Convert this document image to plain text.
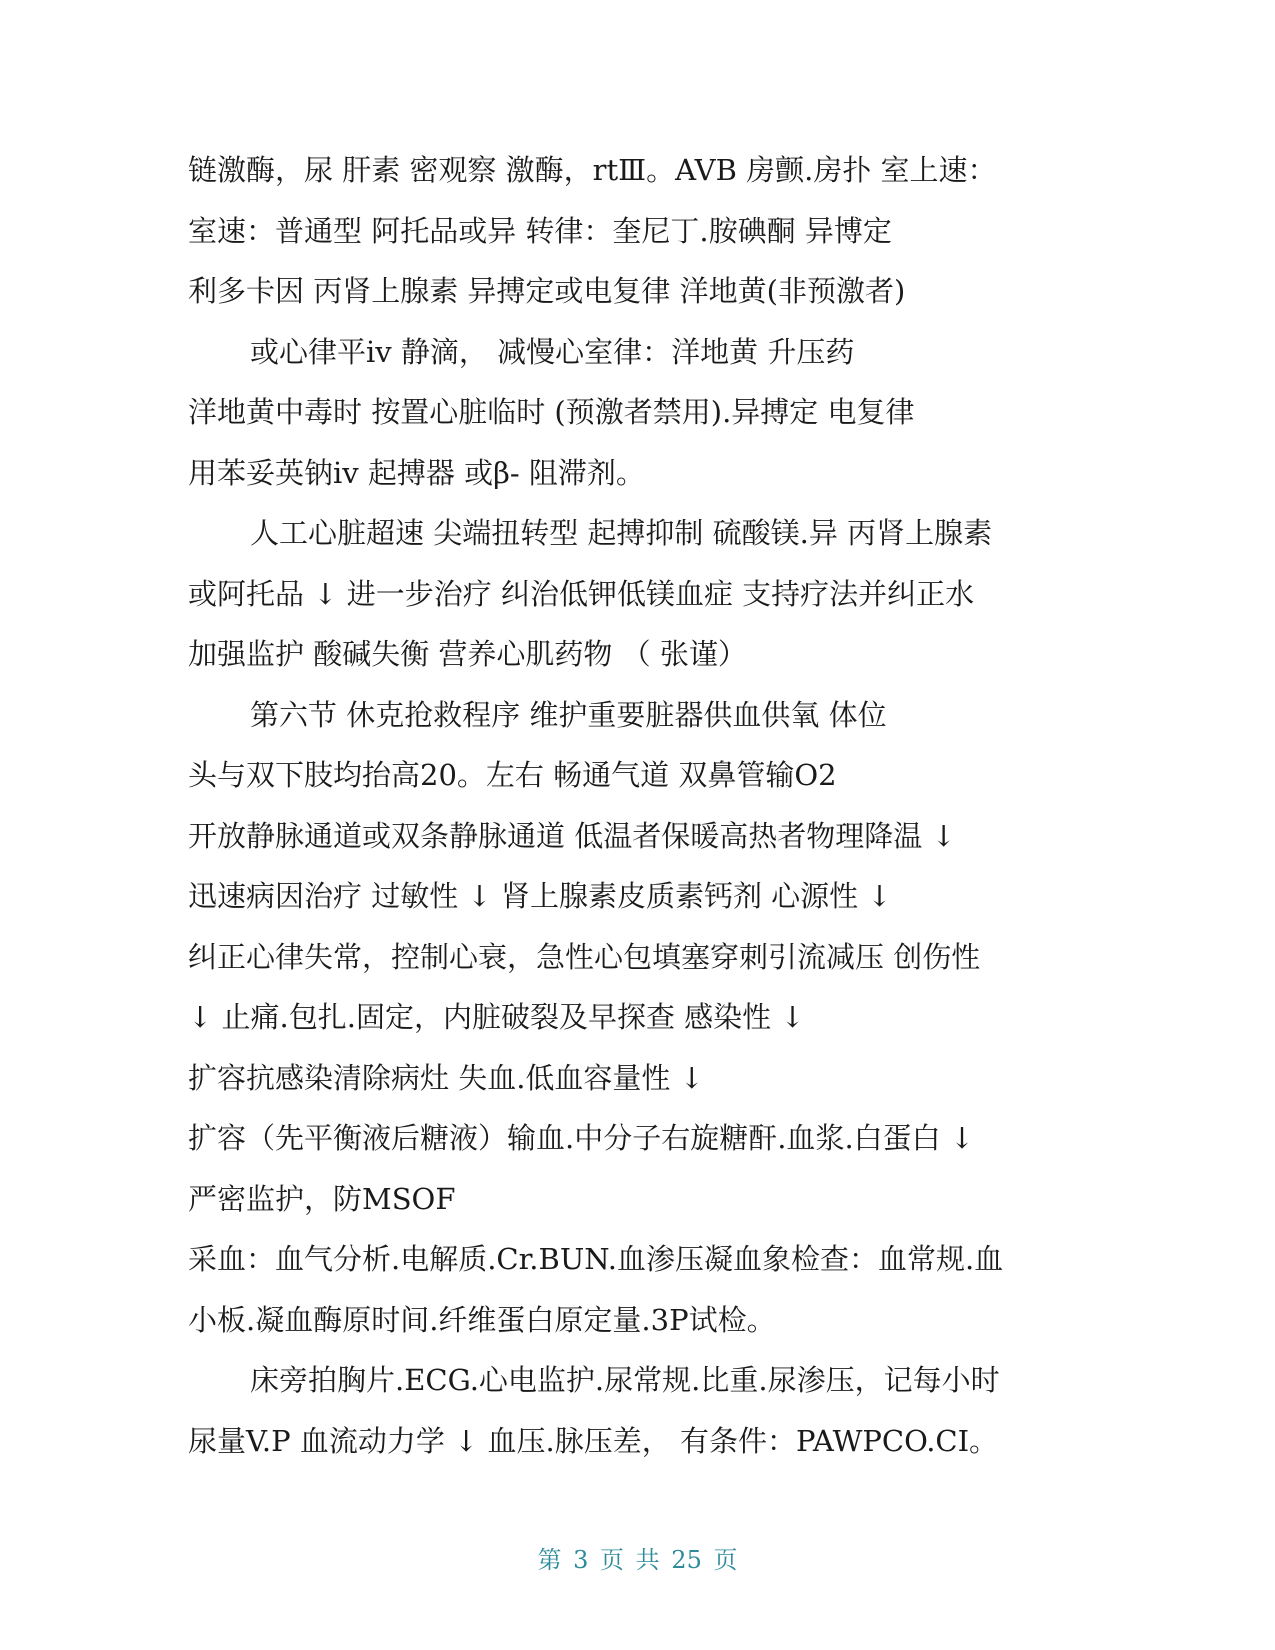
链激酶，尿 肝素 密观察 激酶，rtⅢ。AVB 房颤.房扑 室上速：
室速：普通型 阿托品或异 转律：奎尼丁.胺碘酮 异博定
利多卡因 丙肾上腺素 异搏定或电复律 洋地黄(非预激者)
或心律平iv 静滴， 减慢心室律：洋地黄 升压药
洋地黄中毒时 按置心脏临时 (预激者禁用).异搏定 电复律
用苯妥英钠iv 起搏器 或β- 阻滞剂。
人工心脏超速 尖端扭转型 起搏抑制 硫酸镁.异 丙肾上腺素
或阿托品 ↓ 进一步治疗 纠治低钾低镁血症 支持疗法并纠正水
加强监护 酸碱失衡 营养心肌药物 （ 张谨）
第六节 休克抢救程序 维护重要脏器供血供氧 体位
头与双下肢均抬高20。左右 畅通气道 双鼻管输O2
开放静脉通道或双条静脉通道 低温者保暖高热者物理降温 ↓
迅速病因治疗 过敏性 ↓ 肾上腺素皮质素钙剂 心源性 ↓
纠正心律失常，控制心衰，急性心包填塞穿刺引流减压 创伤性
↓ 止痛.包扎.固定，内脏破裂及早探查 感染性 ↓
扩容抗感染清除病灶 失血.低血容量性 ↓
扩容（先平衡液后糖液）输血.中分子右旋糖酐.血浆.白蛋白 ↓
严密监护，防MSOF
采血：血气分析.电解质.Cr.BUN.血渗压凝血象检查：血常规.血
小板.凝血酶原时间.纤维蛋白原定量.3P试检。
床旁拍胸片.ECG.心电监护.尿常规.比重.尿渗压，记每小时
尿量V.P 血流动力学 ↓ 血压.脉压差， 有条件：PAWPCO.CI。
第 3 页 共 25 页
